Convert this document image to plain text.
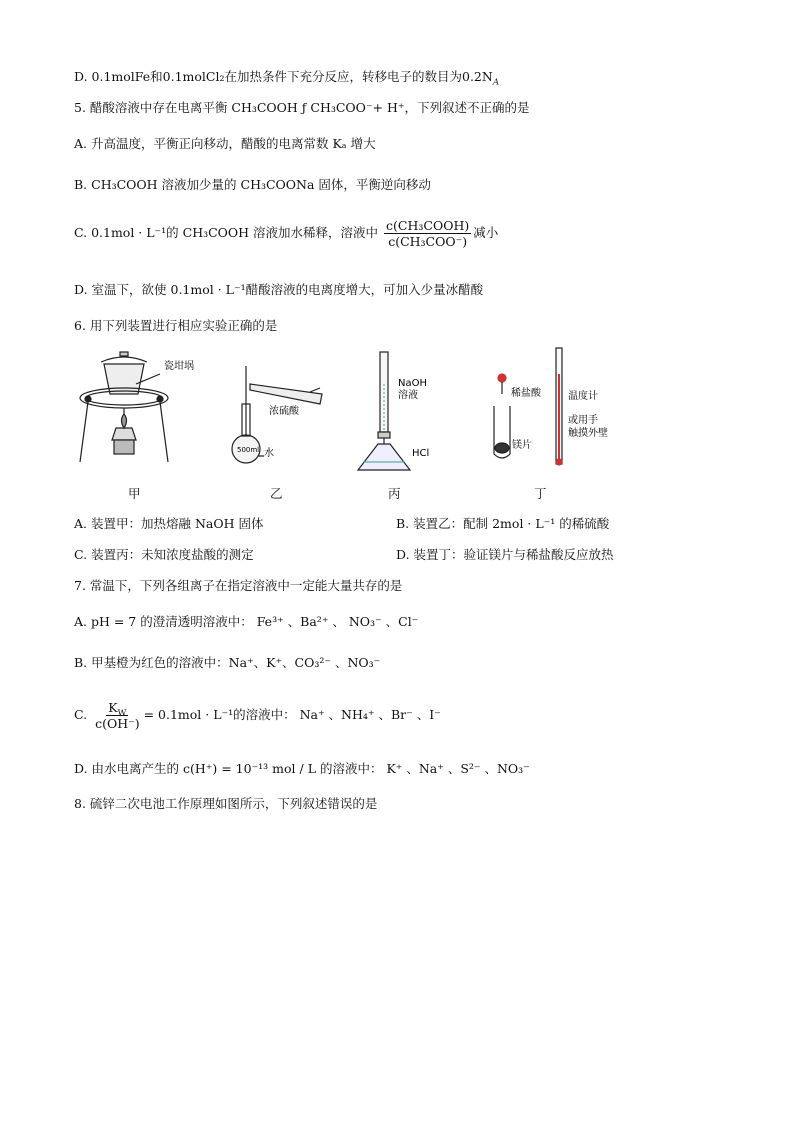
D. 0.1molFe和0.1molCl₂在加热条件下充分反应，转移电子的数目为$0.2N_A$
5. 醋酸溶液中存在电离平衡 CH₃COOH ƒ CH₃COO⁻+ H⁺，下列叙述不正确的是
A. 升高温度，平衡正向移动，醋酸的电离常数 Kₐ 增大
B. CH₃COOH 溶液加少量的 CH₃COONa 固体，平衡逆向移动
C. 0.1mol · L⁻¹的 CH₃COOH 溶液加水稀释，溶液中 $\frac{\text{c(CH₃COOH)}}{\text{c(CH₃COO⁻)}}$ 减小
D. 室温下，欲使 0.1mol · L⁻¹醋酸溶液的电离度增大，可加入少量冰醋酸
6. 用下列装置进行相应实验正确的是
瓷坩埚
浓硫酸
500ml 水
NaOH
溶液
HCl
稀盐酸
镁片
温度计
或用手
触摸外壁
甲	乙	丙	丁
A. 装置甲：加热熔融 NaOH 固体	B. 装置乙：配制 2mol · L⁻¹ 的稀硫酸
C. 装置丙：未知浓度盐酸的测定	D. 装置丁：验证镁片与稀盐酸反应放热
7. 常温下，下列各组离子在指定溶液中一定能大量共存的是
A. pH = 7 的澄清透明溶液中： Fe³⁺ 、Ba²⁺ 、 NO₃⁻ 、Cl⁻
B. 甲基橙为红色的溶液中：Na⁺、K⁺、CO₃²⁻ 、NO₃⁻
C. $\frac{K_W}{c(OH^-)} = 0.1mol \cdot L^{-1}$的溶液中： Na⁺ 、NH₄⁺ 、Br⁻ 、I⁻
D. 由水电离产生的 c(H⁺) = 10⁻¹³ mol / L 的溶液中： K⁺ 、Na⁺ 、S²⁻ 、NO₃⁻
8. 硫锌二次电池工作原理如图所示，下列叙述错误的是
